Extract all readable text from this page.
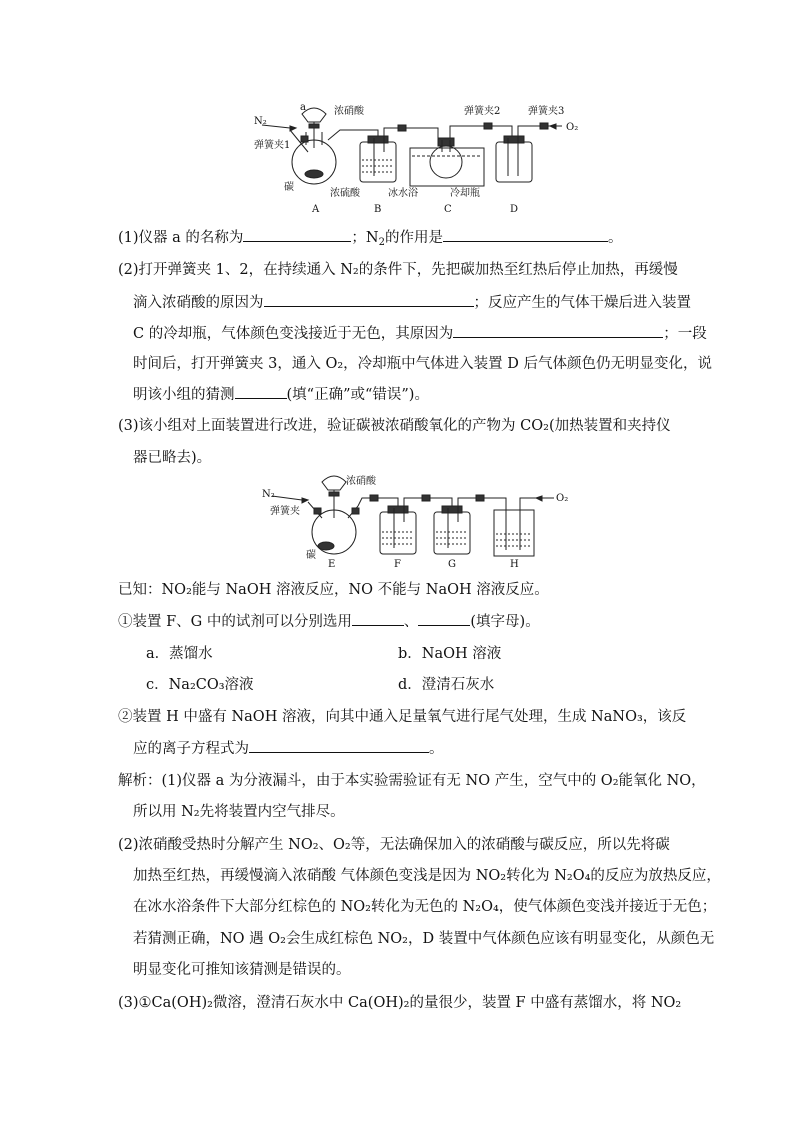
N₂
a	浓硝酸
弹簧夹1
碳
浓硫酸	冰水浴	冷却瓶
弹簧夹2	弹簧夹3
O₂
A	B	C	D
(1)仪器 a 的名称为	；$N_2$的作用是	。
(2)打开弹簧夹 1、2，在持续通入 N₂的条件下，先把碳加热至红热后停止加热，再缓慢
滴入浓硝酸的原因为	；反应产生的气体干燥后进入装置
C 的冷却瓶，气体颜色变浅接近于无色，其原因为	；一段
时间后，打开弹簧夹 3，通入 O₂，冷却瓶中气体进入装置 D 后气体颜色仍无明显变化，说
明该小组的猜测	(填“正确”或“错误”)。
(3)该小组对上面装置进行改进，验证碳被浓硝酸氧化的产物为 CO₂(加热装置和夹持仪
器已略去)。
N₂
浓硝酸
弹簧夹
碳
O₂
E	F	G	H
已知：NO₂能与 NaOH 溶液反应，NO 不能与 NaOH 溶液反应。
①装置 F、G 中的试剂可以分别选用	、	(填字母)。
a．蒸馏水	b．NaOH 溶液
c．Na₂CO₃溶液	d．澄清石灰水
②装置 H 中盛有 NaOH 溶液，向其中通入足量氧气进行尾气处理，生成 NaNO₃，该反
应的离子方程式为	。
解析：(1)仪器 a 为分液漏斗，由于本实验需验证有无 NO 产生，空气中的 O₂能氧化 NO，
所以用 N₂先将装置内空气排尽。
(2)浓硝酸受热时分解产生 NO₂、O₂等，无法确保加入的浓硝酸与碳反应，所以先将碳
加热至红热，再缓慢滴入浓硝酸 气体颜色变浅是因为 NO₂转化为 N₂O₄的反应为放热反应，
在冰水浴条件下大部分红棕色的 NO₂转化为无色的 N₂O₄，使气体颜色变浅并接近于无色；
若猜测正确，NO 遇 O₂会生成红棕色 NO₂，D 装置中气体颜色应该有明显变化，从颜色无
明显变化可推知该猜测是错误的。
(3)①Ca(OH)₂微溶，澄清石灰水中 Ca(OH)₂的量很少，装置 F 中盛有蒸馏水，将 NO₂
